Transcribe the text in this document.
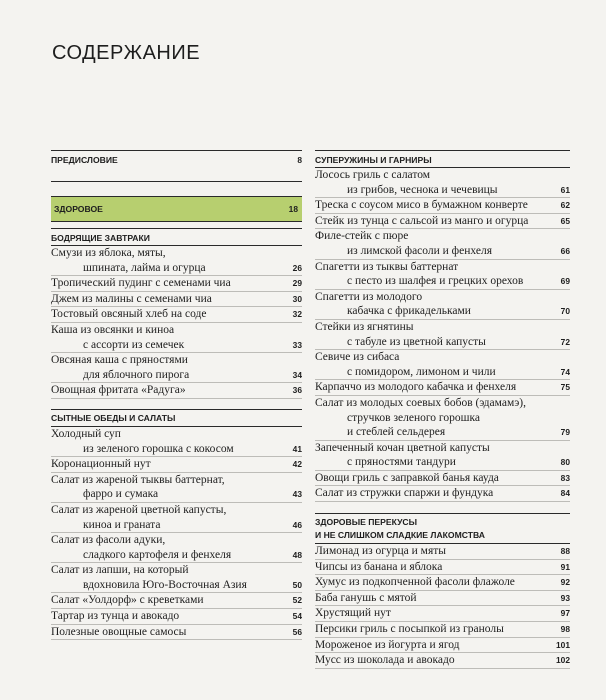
СОДЕРЖАНИЕ
ПРЕДИСЛОВИЕ	8
ЗДОРОВОЕ	18
БОДРЯЩИЕ ЗАВТРАКИ
Смузи из яблока, мяты,
шпината, лайма и огурца	26
Тропический пудинг с семенами чиа	29
Джем из малины с семенами чиа	30
Тостовый овсяный хлеб на соде	32
Каша из овсянки и киноа
с ассорти из семечек	33
Овсяная каша с пряностями
для яблочного пирога	34
Овощная фритата «Радуга»	36
СЫТНЫЕ ОБЕДЫ И САЛАТЫ
Холодный суп
из зеленого горошка с кокосом	41
Коронационный нут	42
Салат из жареной тыквы баттернат,
фарро и сумака	43
Салат из жареной цветной капусты,
киноа и граната	46
Салат из фасоли адуки,
сладкого картофеля и фенхеля	48
Салат из лапши, на который
вдохновила Юго-Восточная Азия	50
Салат «Уолдорф» с креветками	52
Тартар из тунца и авокадо	54
Полезные овощные самосы	56
СУПЕРУЖИНЫ И ГАРНИРЫ
Лосось гриль с салатом
из грибов, чеснока и чечевицы	61
Треска с соусом мисо в бумажном конверте	62
Стейк из тунца с сальсой из манго и огурца	65
Филе-стейк с пюре
из лимской фасоли и фенхеля	66
Спагетти из тыквы баттернат
с песто из шалфея и грецких орехов	69
Спагетти из молодого
кабачка с фрикадельками	70
Стейки из ягнятины
с табуле из цветной капусты	72
Севиче из сибаса
с помидором, лимоном и чили	74
Карпаччо из молодого кабачка и фенхеля	75
Салат из молодых соевых бобов (эдамамэ),
стручков зеленого горошка
и стеблей сельдерея	79
Запеченный кочан цветной капусты
с пряностями тандури	80
Овощи гриль с заправкой банья кауда	83
Салат из стружки спаржи и фундука	84
ЗДОРОВЫЕ ПЕРЕКУСЫ
И НЕ СЛИШКОМ СЛАДКИЕ ЛАКОМСТВА
Лимонад из огурца и мяты	88
Чипсы из банана и яблока	91
Хумус из подкопченной фасоли флажоле	92
Баба ганушь с мятой	93
Хрустящий нут	97
Персики гриль с посыпкой из гранолы	98
Мороженое из йогурта и ягод	101
Мусс из шоколада и авокадо	102
